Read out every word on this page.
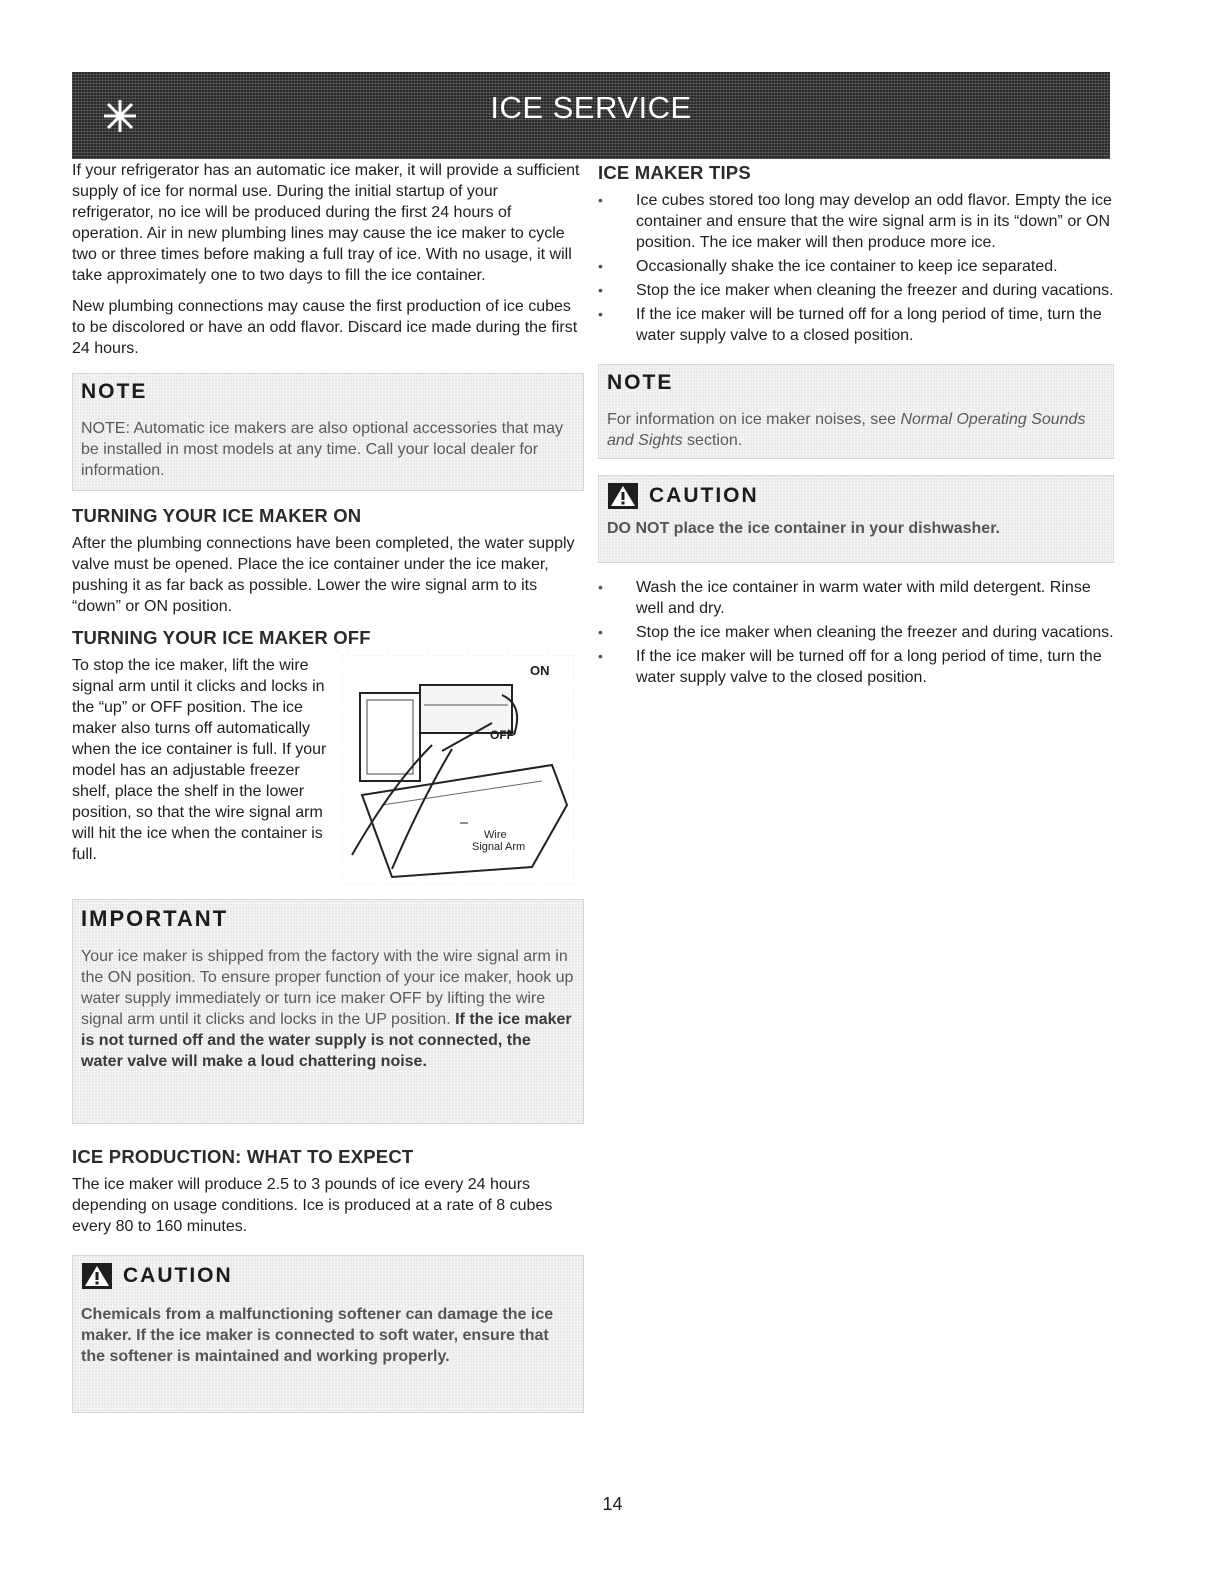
ICE SERVICE

If your refrigerator has an automatic ice maker, it will provide a sufficient supply of ice for normal use. During the initial startup of your refrigerator, no ice will be produced during the first 24 hours of operation. Air in new plumbing lines may cause the ice maker to cycle two or three times before making a full tray of ice. With no usage, it will take approximately one to two days to fill the ice container.

New plumbing connections may cause the first production of ice cubes to be discolored or have an odd flavor. Discard ice made during the first 24 hours.

NOTE
NOTE: Automatic ice makers are also optional accessories that may be installed in most models at any time. Call your local dealer for information.
TURNING YOUR ICE MAKER ON

After the plumbing connections have been completed, the water supply valve must be opened. Place the ice container under the ice maker, pushing it as far back as possible. Lower the wire signal arm to its “down” or ON position.

TURNING YOUR ICE MAKER OFF

To stop the ice maker, lift the wire signal arm until it clicks and locks in the “up” or OFF position. The ice maker also turns off automatically when the ice container is full. If your model has an adjustable freezer shelf, place the shelf in the lower position, so that the wire signal arm will hit the ice when the container is full.

ON
OFF
Wire
Signal Arm
IMPORTANT
Your ice maker is shipped from the factory with the wire signal arm in the ON position. To ensure proper function of your ice maker, hook up water supply immediately or turn ice maker OFF by lifting the wire signal arm until it clicks and locks in the UP position. If the ice maker is not turned off and the water supply is not connected, the water valve will make a loud chattering noise.
ICE PRODUCTION: WHAT TO EXPECT

The ice maker will produce 2.5 to 3 pounds of ice every 24 hours depending on usage conditions. Ice is produced at a rate of 8 cubes every 80 to 160 minutes.

CAUTION
Chemicals from a malfunctioning softener can damage the ice maker. If the ice maker is connected to soft water, ensure that the softener is maintained and working properly.
ICE MAKER TIPS
• Ice cubes stored too long may develop an odd flavor. Empty the ice container and ensure that the wire signal arm is in its “down” or ON position. The ice maker will then produce more ice.
• Occasionally shake the ice container to keep ice separated.
• Stop the ice maker when cleaning the freezer and during vacations.
• If the ice maker will be turned off for a long period of time, turn the water supply valve to a closed position.
NOTE
For information on ice maker noises, see Normal Operating Sounds and Sights section.
CAUTION
DO NOT place the ice container in your dishwasher.
• Wash the ice container in warm water with mild detergent. Rinse well and dry.
• Stop the ice maker when cleaning the freezer and during vacations.
• If the ice maker will be turned off for a long period of time, turn the water supply valve to the closed position.
14
